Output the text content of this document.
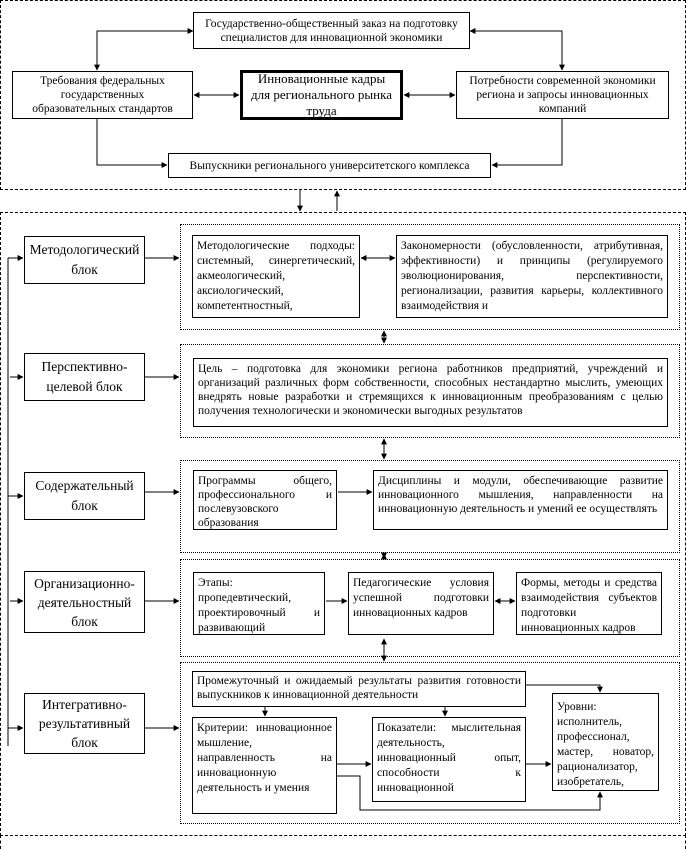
Государственно-общественный заказ на подготовку специалистов для инновационной экономики
Требования федеральных государственных образовательных стандартов
Инновационные кадры для регионального рынка труда
Потребности современной экономики региона и запросы инновационных компаний
Выпускники регионального университетского комплекса
Методологический блок
Методологические подходы: системный, синергетический, акмеологический, аксиологический, компетентностный,
Закономерности (обусловленности, атрибутивная, эффективности) и принципы (регулируемого эволюционирования, перспективности, регионализации, развития карьеры, коллективного взаимодействия и
Перспективно-целевой блок
Цель – подготовка для экономики региона работников предприятий, учреждений и организаций различных форм собственности, способных нестандартно мыслить, умеющих внедрять новые разработки и стремящихся к инновационным преобразованиям с целью получения технологически и экономически выгодных результатов
Содержательный блок
Программы общего, профессионального и послевузовского образования
Дисциплины и модули, обеспечивающие развитие инновационного мышления, направленности на инновационную деятельность и умений ее осуществлять
Организационно-деятельностный блок
Этапы: пропедевтический, проектировочный и развивающий
Педагогические условия успешной подготовки инновационных кадров
Формы, методы и средства взаимодействия субъектов подготовки инновационных кадров
Интегративно-результативный блок
Промежуточный и ожидаемый результаты развития готовности выпускников к инновационной деятельности
Критерии: инновационное мышление, направленность на инновационную деятельность и умения
Показатели: мыслительная деятельность, инновационный опыт, способности к инновационной
Уровни: исполнитель, профессионал, мастер, новатор, рационализатор, изобретатель,
